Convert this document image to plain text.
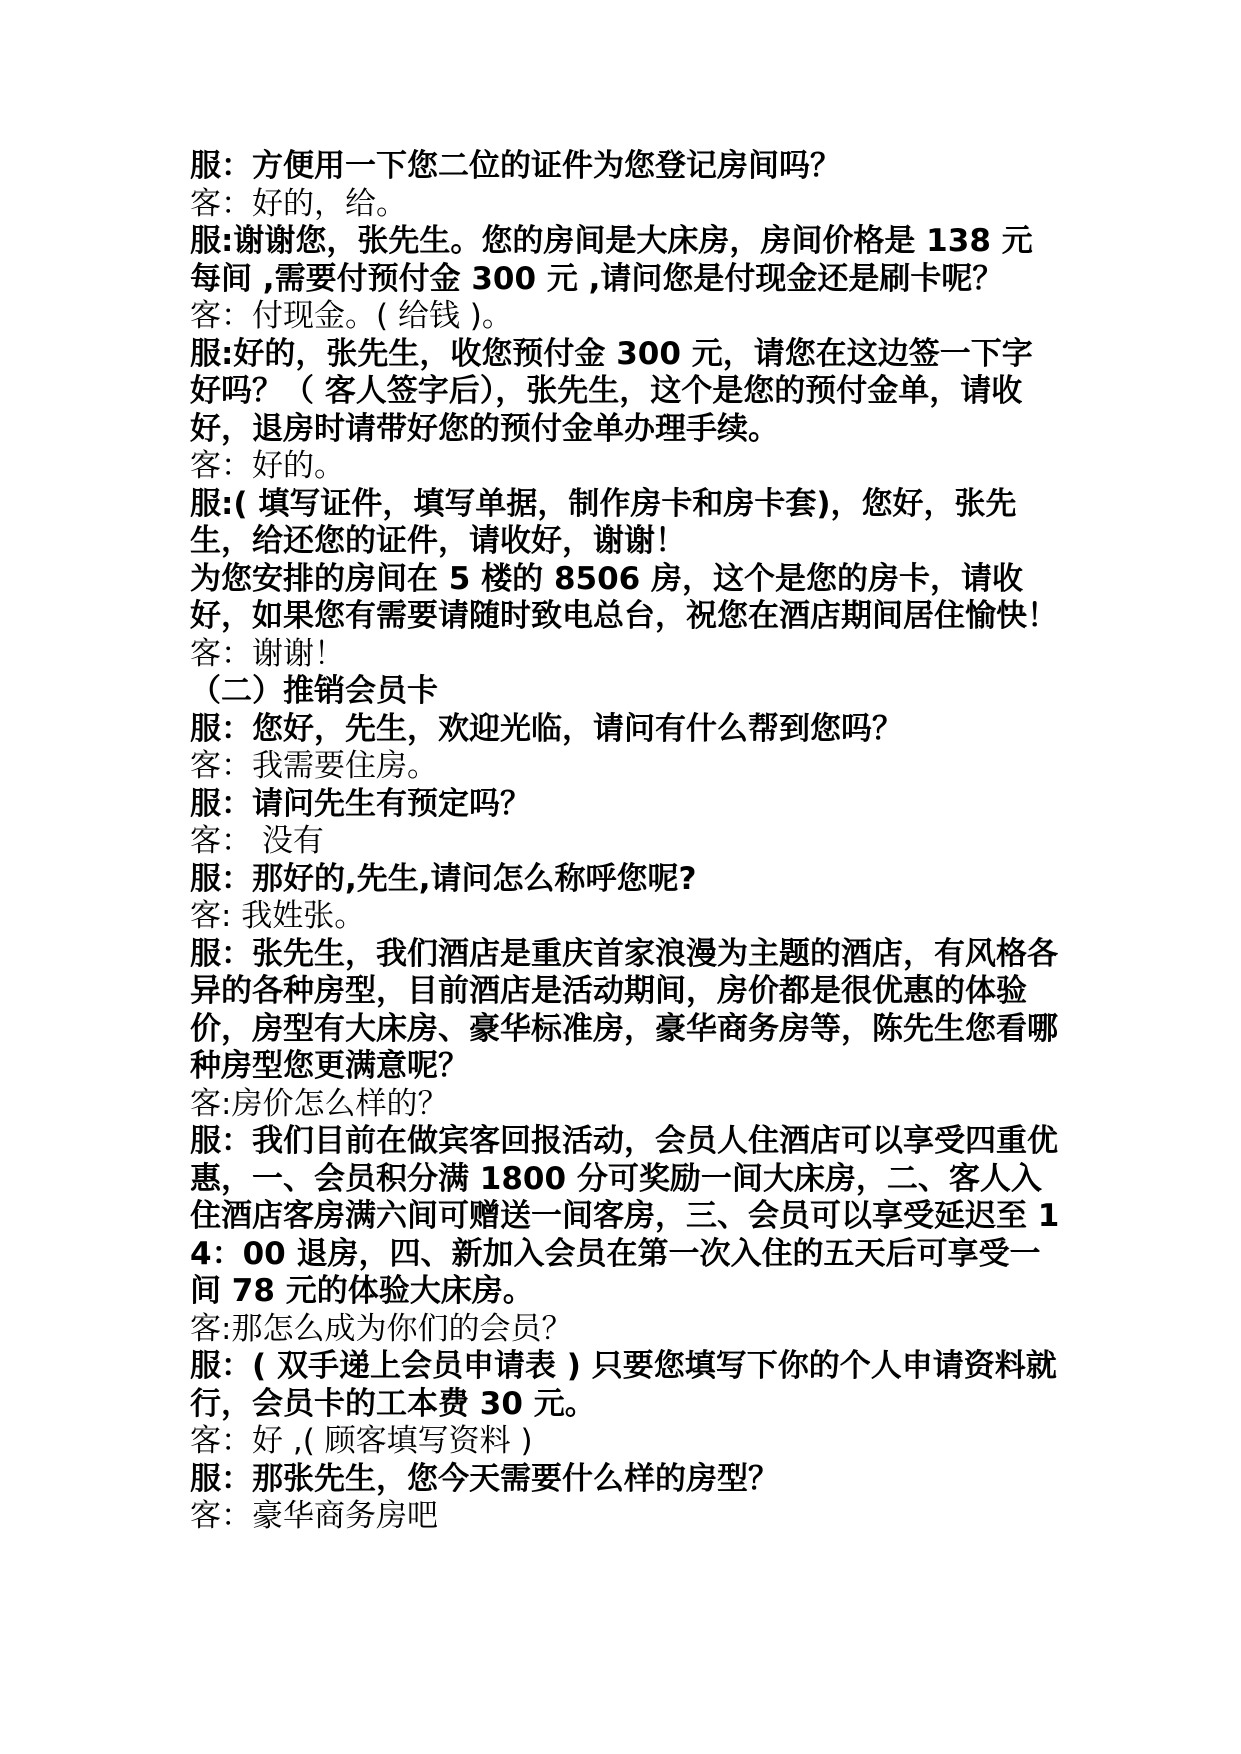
服：方便用一下您二位的证件为您登记房间吗？

客：好的，给。

服:谢谢您，张先生。您的房间是大床房，房间价格是 138 元每间 ,需要付预付金 300 元 ,请问您是付现金还是刷卡呢？

客：付现金。( 给钱 )。

服:好的，张先生，收您预付金 300 元，请您在这边签一下字好吗？（ 客人签字后），张先生，这个是您的预付金单，请收好，退房时请带好您的预付金单办理手续。

客：好的。

服:( 填写证件，填写单据，制作房卡和房卡套)，您好，张先生，给还您的证件，请收好，谢谢！

为您安排的房间在 5 楼的 8506 房，这个是您的房卡，请收好，如果您有需要请随时致电总台，祝您在酒店期间居住愉快！

客：谢谢！

（二）推销会员卡

服：您好，先生，欢迎光临，请问有什么帮到您吗？

客：我需要住房。

服：请问先生有预定吗？

客： 没有

服：那好的,先生,请问怎么称呼您呢?

客: 我姓张。

服：张先生，我们酒店是重庆首家浪漫为主题的酒店，有风格各异的各种房型，目前酒店是活动期间，房价都是很优惠的体验价，房型有大床房、豪华标准房，豪华商务房等，陈先生您看哪种房型您更满意呢？

客:房价怎么样的？

服：我们目前在做宾客回报活动，会员人住酒店可以享受四重优惠，一、会员积分满 1800 分可奖励一间大床房，二、客人入住酒店客房满六间可赠送一间客房，三、会员可以享受延迟至 14：00 退房，四、新加入会员在第一次入住的五天后可享受一间 78 元的体验大床房。

客:那怎么成为你们的会员？

服：( 双手递上会员申请表 ) 只要您填写下你的个人申请资料就行，会员卡的工本费 30 元。

客：好 ,( 顾客填写资料 )

服：那张先生，您今天需要什么样的房型？

客：豪华商务房吧
